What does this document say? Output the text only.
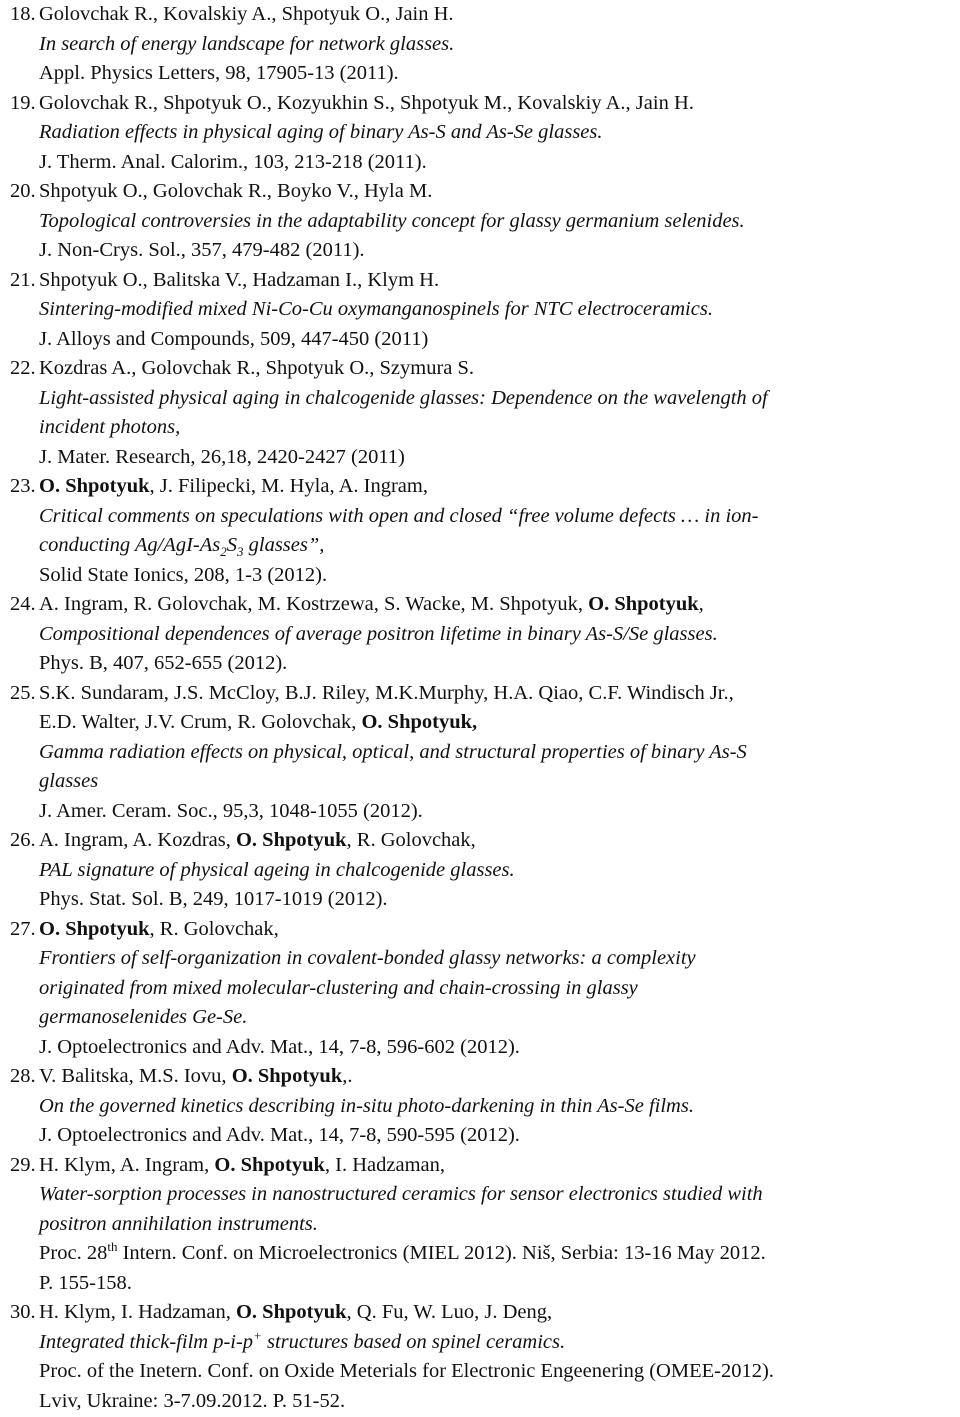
18. Golovchak R., Kovalskiy A., Shpotyuk O., Jain H.
In search of energy landscape for network glasses.
Appl. Physics Letters, 98, 17905-13 (2011).
19. Golovchak R., Shpotyuk O., Kozyukhin S., Shpotyuk M., Kovalskiy A., Jain H.
Radiation effects in physical aging of binary As-S and As-Se glasses.
J. Therm. Anal. Calorim., 103, 213-218 (2011).
20. Shpotyuk O., Golovchak R., Boyko V., Hyla M.
Topological controversies in the adaptability concept for glassy germanium selenides.
J. Non-Crys. Sol., 357, 479-482 (2011).
21. Shpotyuk O., Balitska V., Hadzaman I., Klym H.
Sintering-modified mixed Ni-Co-Cu oxymanganospinels for NTC electroceramics.
J. Alloys and Compounds, 509, 447-450 (2011)
22. Kozdras A., Golovchak R., Shpotyuk O., Szymura S.
Light-assisted physical aging in chalcogenide glasses: Dependence on the wavelength of
incident photons,
J. Mater. Research, 26,18, 2420-2427 (2011)
23. O. Shpotyuk, J. Filipecki, M. Hyla, A. Ingram,
Critical comments on speculations with open and closed “free volume defects … in ion-
conducting $Ag/AgI-As_2S_3$ glasses”,
Solid State Ionics, 208, 1-3 (2012).
24. A. Ingram, R. Golovchak, M. Kostrzewa, S. Wacke, M. Shpotyuk, O. Shpotyuk,
Compositional dependences of average positron lifetime in binary As-S/Se glasses.
Phys. B, 407, 652-655 (2012).
25. S.K. Sundaram, J.S. McCloy, B.J. Riley, M.K.Murphy, H.A. Qiao, C.F. Windisch Jr.,
E.D. Walter, J.V. Crum, R. Golovchak, O. Shpotyuk,
Gamma radiation effects on physical, optical, and structural properties of binary As-S
glasses
J. Amer. Ceram. Soc., 95,3, 1048-1055 (2012).
26. A. Ingram, A. Kozdras, O. Shpotyuk, R. Golovchak,
PAL signature of physical ageing in chalcogenide glasses.
Phys. Stat. Sol. B, 249, 1017-1019 (2012).
27. O. Shpotyuk, R. Golovchak,
Frontiers of self-organization in covalent-bonded glassy networks: a complexity
originated from mixed molecular-clustering and chain-crossing in glassy
germanoselenides Ge-Se.
J. Optoelectronics and Adv. Mat., 14, 7-8, 596-602 (2012).
28. V. Balitska, M.S. Iovu, O. Shpotyuk,.
On the governed kinetics describing in-situ photo-darkening in thin As-Se films.
J. Optoelectronics and Adv. Mat., 14, 7-8, 590-595 (2012).
29. H. Klym, A. Ingram, O. Shpotyuk, I. Hadzaman,
Water-sorption processes in nanostructured ceramics for sensor electronics studied with
positron annihilation instruments.
Proc. 28th Intern. Conf. on Microelectronics (MIEL 2012). Niš, Serbia: 13-16 May 2012.
P. 155-158.
30. H. Klym, I. Hadzaman, O. Shpotyuk, Q. Fu, W. Luo, J. Deng,
Integrated thick-film p-i-p+ structures based on spinel ceramics.
Proc. of the Inetern. Conf. on Oxide Meterials for Electronic Engeenering (OMEE-2012).
Lviv, Ukraine: 3-7.09.2012. P. 51-52.
